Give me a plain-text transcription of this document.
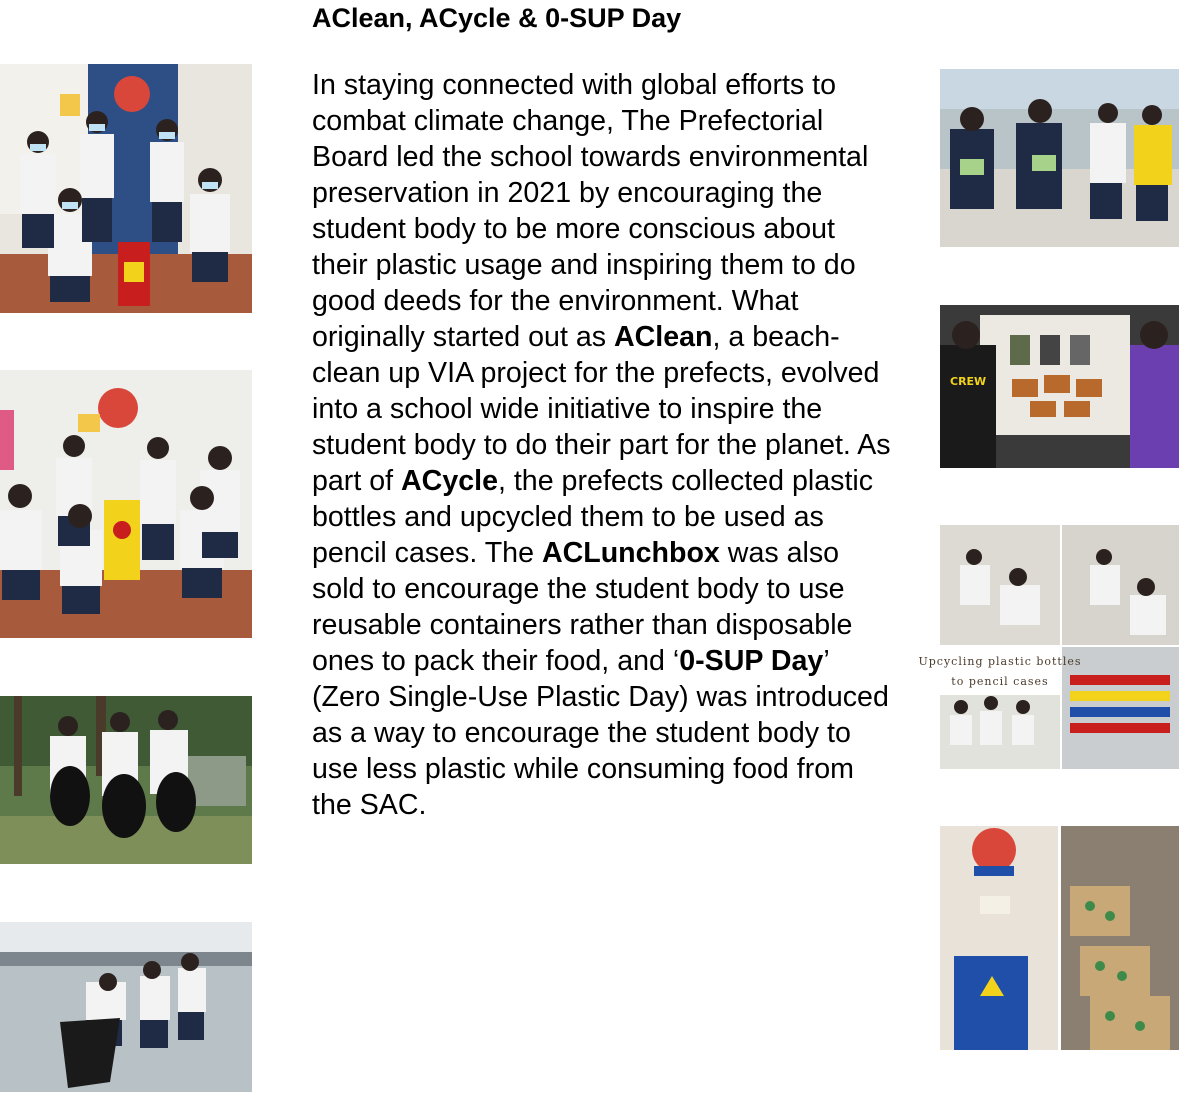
AClean, ACycle & 0-SUP Day

In staying connected with global efforts to combat climate change, The Prefectorial Board led the school towards environmental preservation in 2021 by encouraging the student body to be more conscious about their plastic usage and inspiring them to do good deeds for the environment. What originally started out as AClean, a beach-clean up VIA project for the prefects, evolved into a school wide initiative to inspire the student body to do their part for the planet. As part of ACycle, the prefects collected plastic bottles and upcycled them to be used as pencil cases. The ACLunchbox was also sold to encourage the student body to use reusable containers rather than disposable ones to pack their food, and ‘0-SUP Day’ (Zero Single-Use Plastic Day) was introduced as a way to encourage the student body to use less plastic while consuming food from the SAC.

CREW
Upcycling plastic bottles
to pencil cases
